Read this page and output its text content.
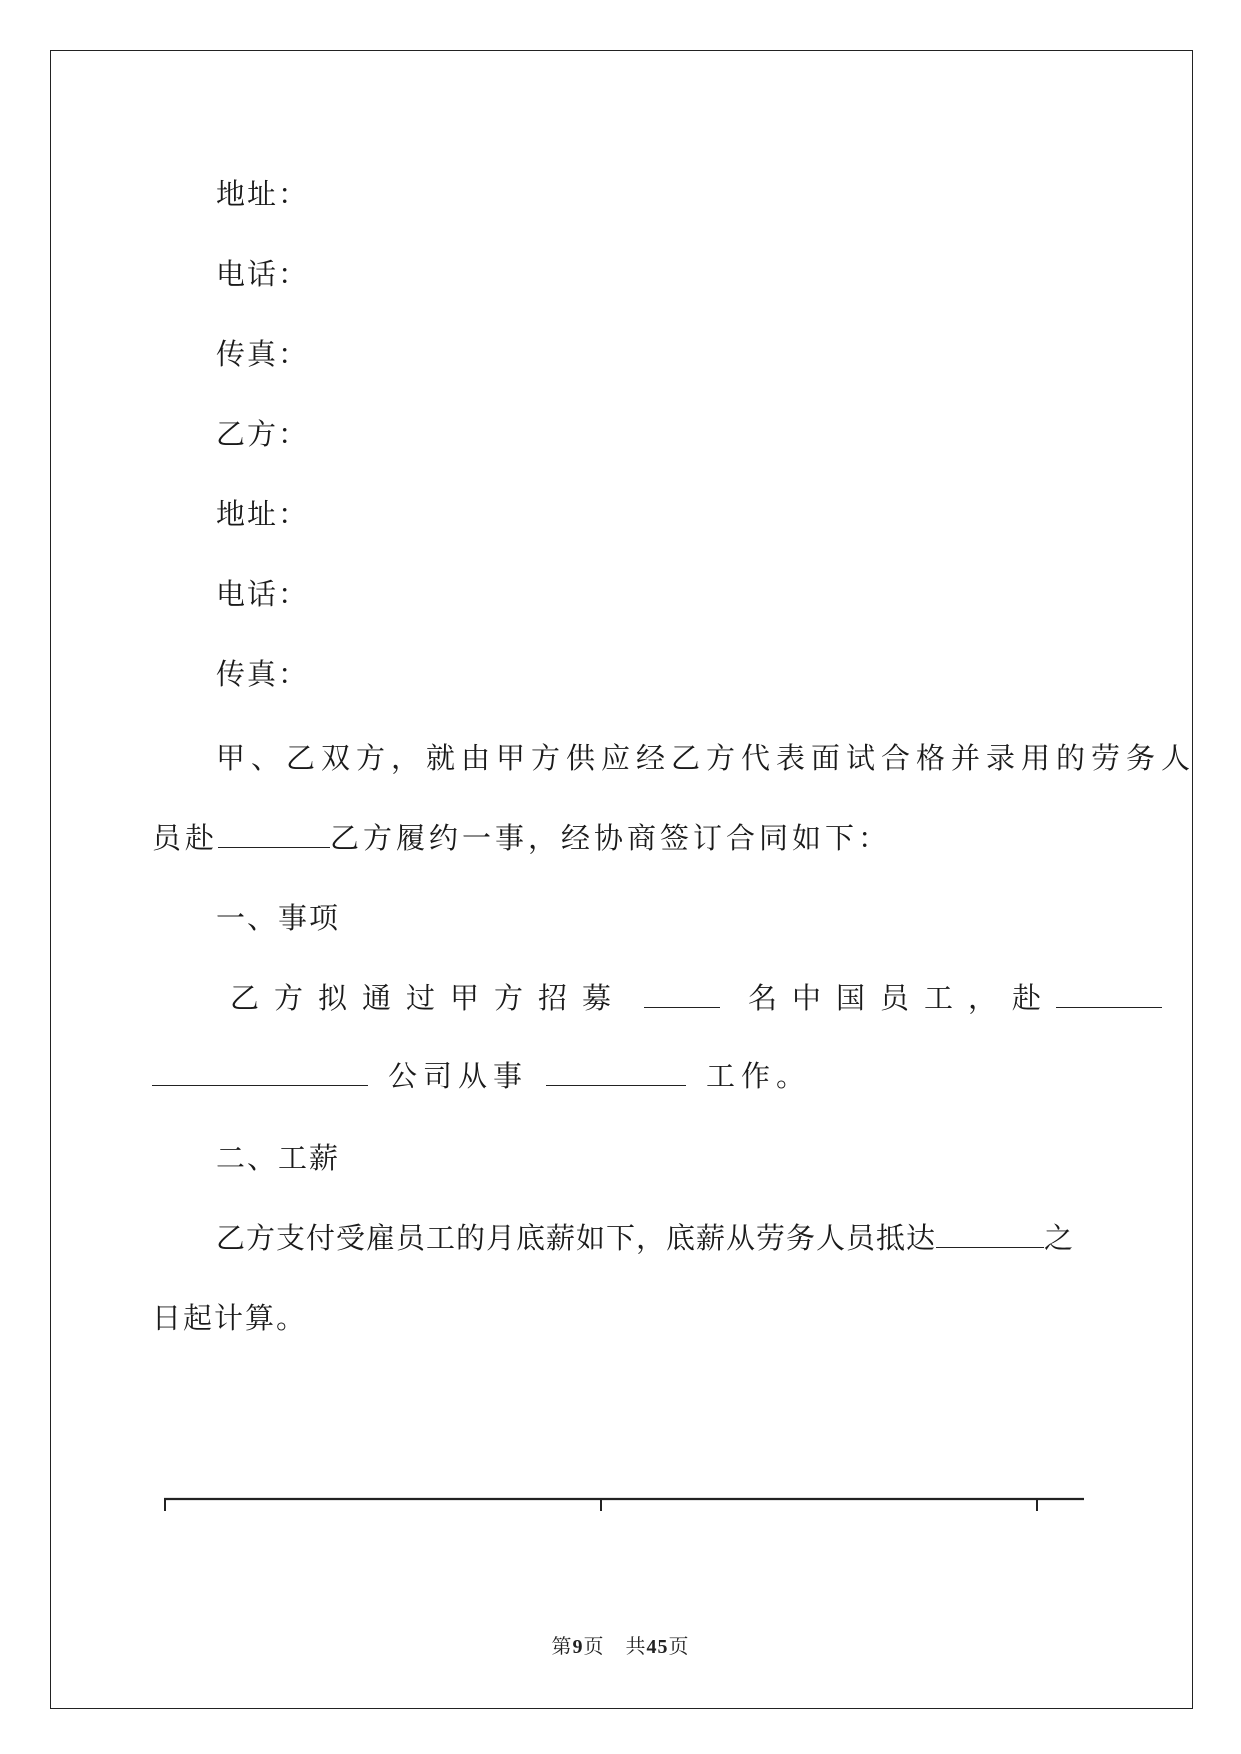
地址：
电话：
传真：
乙方：
地址：
电话：
传真：
甲、乙双方，就由甲方供应经乙方代表面试合格并录用的劳务人
员赴	乙方履约一事，经协商签订合同如下：
一、事项
乙方拟通过甲方招募	名中国员工，赴
公司从事	工作。
二、工薪
乙方支付受雇员工的月底薪如下，底薪从劳务人员抵达	之
日起计算。
第9页　共45页
